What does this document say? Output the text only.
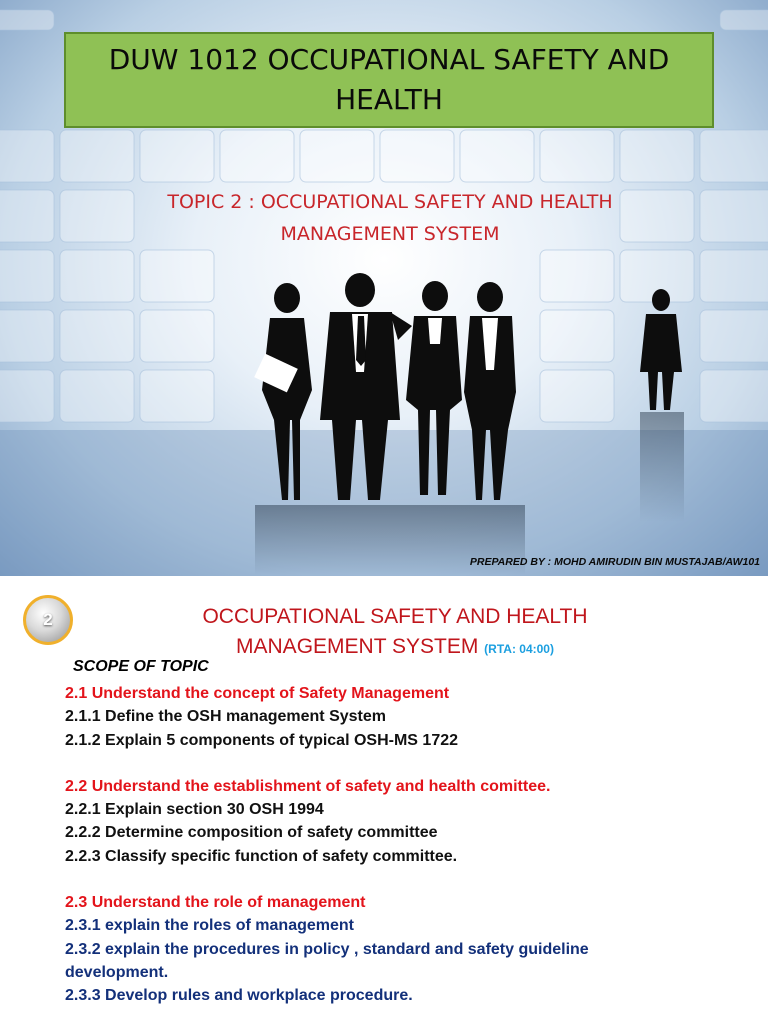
DUW 1012 OCCUPATIONAL SAFETY AND HEALTH
TOPIC 2 : OCCUPATIONAL SAFETY AND HEALTH
MANAGEMENT SYSTEM
PREPARED BY : MOHD AMIRUDIN BIN MUSTAJAB/AW101
2	OCCUPATIONAL SAFETY AND HEALTH
MANAGEMENT SYSTEM (RTA: 04:00)
SCOPE OF TOPIC

2.1 Understand the concept of Safety Management

2.1.1 Define the OSH management System

2.1.2 Explain 5 components of typical OSH-MS 1722

2.2 Understand the establishment of safety and health comittee.

2.2.1 Explain section 30 OSH 1994

2.2.2 Determine composition of safety committee

2.2.3 Classify specific function of safety committee.

2.3 Understand the role of management

2.3.1 explain the roles of management

2.3.2 explain the procedures in policy , standard and safety guideline

development.

2.3.3 Develop rules and workplace procedure.
